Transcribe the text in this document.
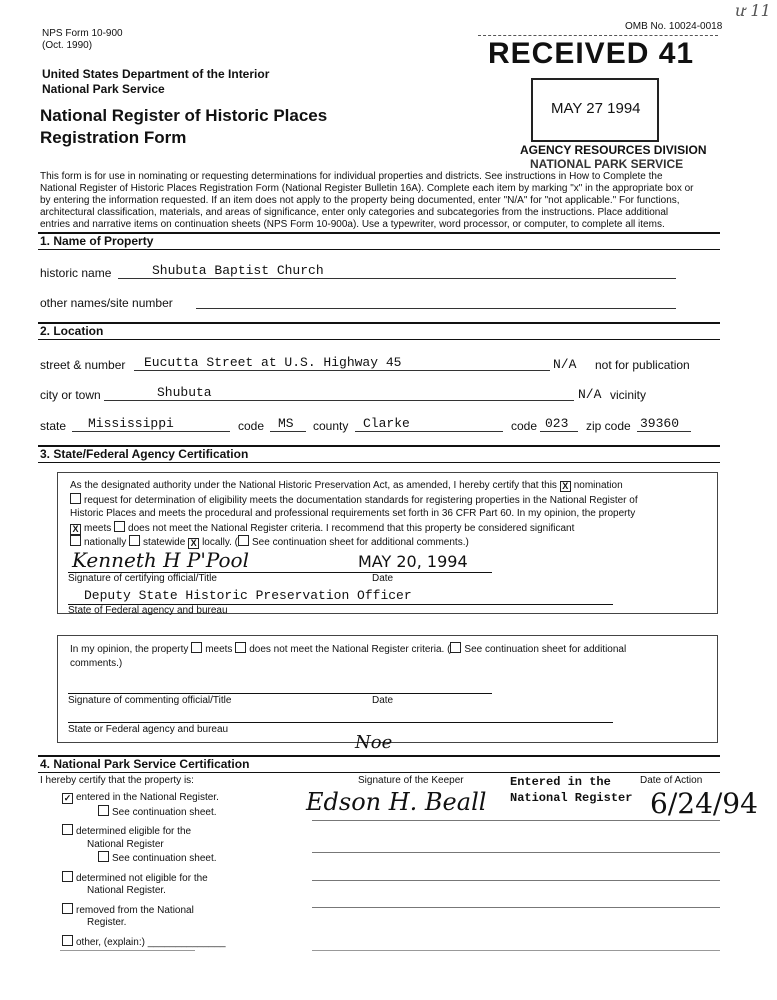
NPS Form 10-900
(Oct. 1990)
United States Department of the Interior
National Park Service
National Register of Historic Places
Registration Form
RECEIVED 41
OMB No. 10024-0018
ư 11
MAY 27 1994
AGENCY RESOURCES DIVISION
NATIONAL PARK SERVICE
This form is for use in nominating or requesting determinations for individual properties and districts. See instructions in How to Complete the
National Register of Historic Places Registration Form (National Register Bulletin 16A). Complete each item by marking "x" in the appropriate box or
by entering the information requested. If an item does not apply to the property being documented, enter "N/A" for "not applicable." For functions,
architectural classification, materials, and areas of significance, enter only categories and subcategories from the instructions. Place additional
entries and narrative items on continuation sheets (NPS Form 10-900a). Use a typewriter, word processor, or computer, to complete all items.
1. Name of Property
historic name	Shubuta Baptist Church
other names/site number
2. Location
street & number Eucutta Street at U.S. Highway 45	N/A not for publication
city or town	Shubuta	N/A vicinity
state Mississippi	code MS county Clarke	code 023 zip code 39360
3. State/Federal Agency Certification
As the designated authority under the National Historic Preservation Act, as amended, I hereby certify that this X nomination
request for determination of eligibility meets the documentation standards for registering properties in the National Register of
Historic Places and meets the procedural and professional requirements set forth in 36 CFR Part 60. In my opinion, the property
X meets does not meet the National Register criteria. I recommend that this property be considered significant
nationally statewide X locally. ( See continuation sheet for additional comments.)
Kenneth H P'Pool	MAY 20, 1994
Signature of certifying official/Title	Date
Deputy State Historic Preservation Officer
State of Federal agency and bureau
In my opinion, the property meets does not meet the National Register criteria. ( See continuation sheet for additional
comments.)
Signature of commenting official/Title	Date
State or Federal agency and bureau
4. National Park Service Certification
I hereby certify that the property is:
✓ entered in the National Register.
See continuation sheet.
determined eligible for the
National Register
See continuation sheet.
determined not eligible for the
National Register.
removed from the National
Register.
other, (explain:) ______________
Signature of the Keeper
Edson H. Beall
Noe
Entered in the
National Register
Date of Action
6/24/94
